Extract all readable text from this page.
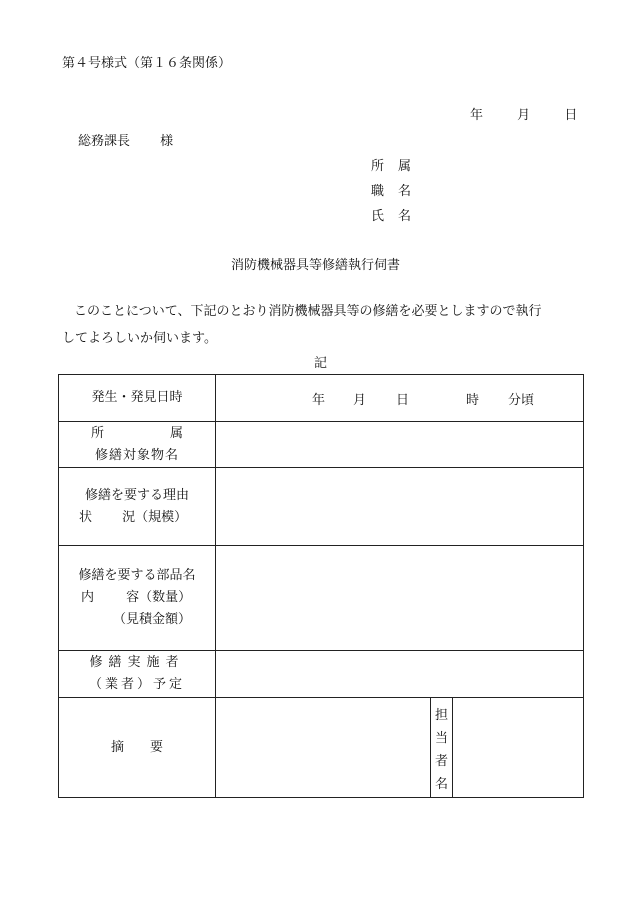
第４号様式（第１６条関係）
年	月	日
総務課長 様
所 属
職 名
氏 名
消防機械器具等修繕執行伺書
このことについて、下記のとおり消防機械器具等の修繕を必要としますので執行
してよろしいか伺います。
記
発生・発見日時	年 月 日 時 分頃		

所 属
修繕対象物名			

修繕を要する理由
状 況（規模）			

修繕を要する部品名
内 容（数量）
（見積金額）			

修繕実施者
（業者）予定			

摘　　要		担
当
者
名	
